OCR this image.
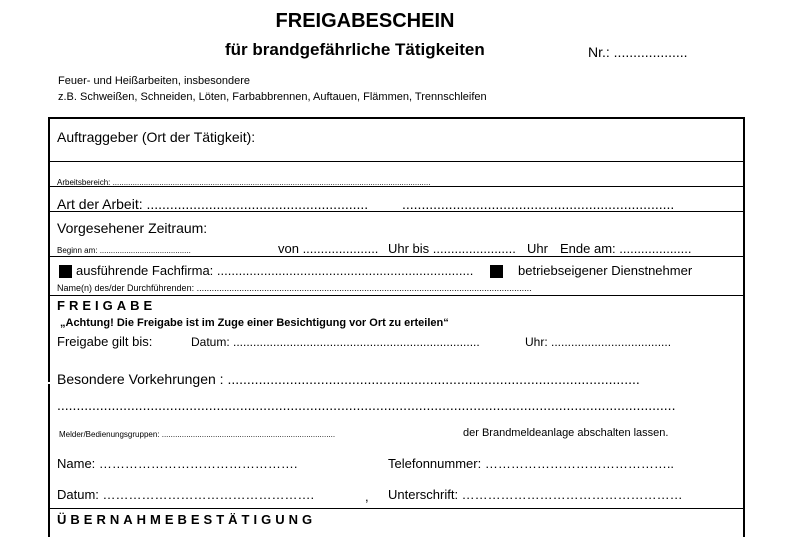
FREIGABESCHEIN
für brandgefährliche Tätigkeiten	Nr.: ...................
Feuer- und Heißarbeiten, insbesondere
z.B. Schweißen, Schneiden, Löten, Farbabbrennen, Auftauen, Flämmen, Trennschleifen
Auftraggeber (Ort der Tätigkeit):
Arbeitsbereich: ...............................................................................................................................................
Art der Arbeit: ......................................................... ......................................................................
Vorgesehener Zeitraum:
Beginn am: .........................................	von ..................... Uhr bis ....................... Uhr Ende am: ....................
ausführende Fachfirma: .......................................................................	betriebseigener Dienstnehmer
Name(n) des/der Durchführenden: ......................................................................................................................................
FREIGABE
„Achtung! Die Freigabe ist im Zuge einer Besichtigung vor Ort zu erteilen“
Freigabe gilt bis:	Datum: ..........................................................................	Uhr: ....................................
Besondere Vorkehrungen : ..........................................................................................................
...............................................................................................................................................................
Melder/Bedienungsgruppen: ..............................................................................	der Brandmeldeanlage abschalten lassen.
Name: ……………………………………….	Telefonnummer: ……………………………………..
Datum: ………………………………………….	, Unterschrift: ……………………………………………
ÜBERNAHMEBESTÄTIGUNG
